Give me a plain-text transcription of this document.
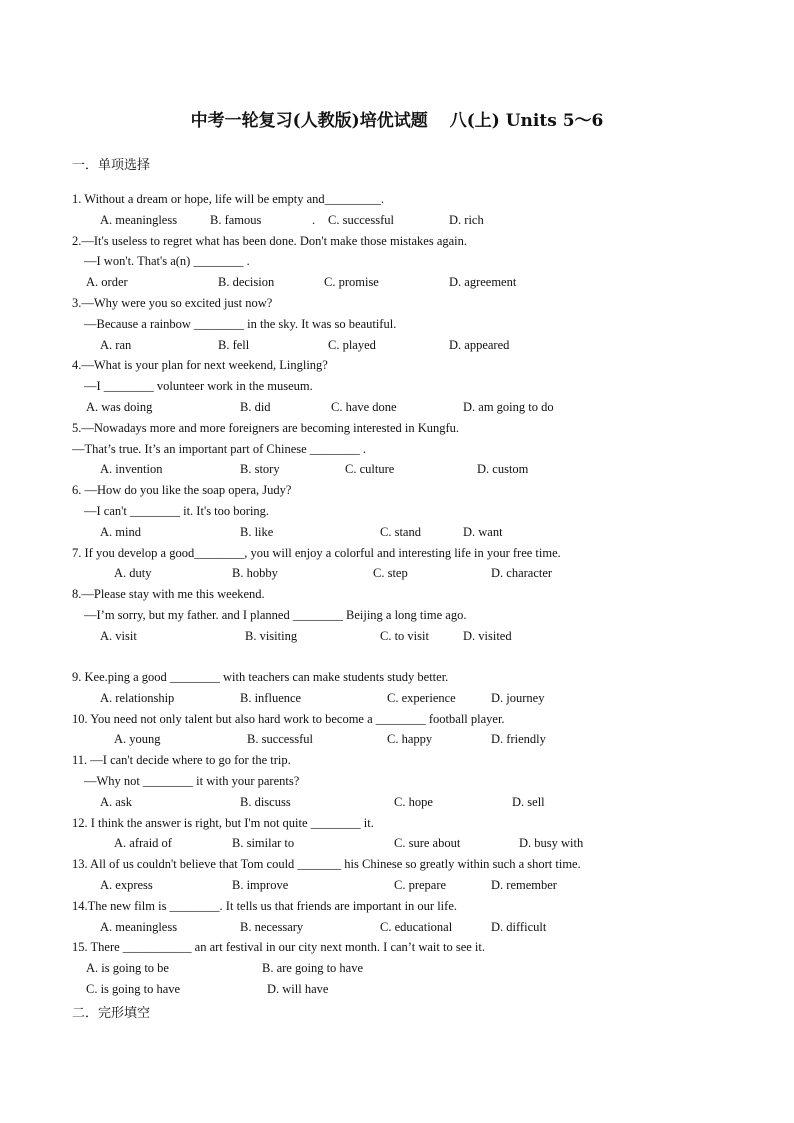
中考一轮复习(人教版)培优试题 八(上) Units 5～6
一．单项选择
1. Without a dream or hope, life will be empty and_________.
A. meaningless	B. famous	. C. successful	D. rich
2.—It's useless to regret what has been done. Don't make those mistakes again.
—I won't. That's a(n) ________ .
A. order	B. decision	C. promise	D. agreement
3.—Why were you so excited just now?
—Because a rainbow ________ in the sky. It was so beautiful.
A. ran	B. fell	C. played	D. appeared
4.—What is your plan for next weekend, Lingling?
—I ________ volunteer work in the museum.
A. was doing	B. did	C. have done	D. am going to do
5.—Nowadays more and more foreigners are becoming interested in Kungfu.
—That’s true. It’s an important part of Chinese ________ .
A. invention	B. story	C. culture	D. custom
6. —How do you like the soap opera, Judy?
—I can't ________ it. It's too boring.
A. mind	B. like	C. stand	D. want
7. If you develop a good________, you will enjoy a colorful and interesting life in your free time.
A. duty	B. hobby	C. step	D. character
8.—Please stay with me this weekend.
—I’m sorry, but my father. and I planned ________ Beijing a long time ago.
A. visit	B. visiting	C. to visit	D. visited
9. Kee.ping a good ________ with teachers can make students study better.
A. relationship	B. influence	C. experience	D. journey
10. You need not only talent but also hard work to become a ________ football player.
A. young	B. successful	C. happy	D. friendly
11. —I can't decide where to go for the trip.
—Why not ________ it with your parents?
A. ask	B. discuss	C. hope	D. sell
12. I think the answer is right, but I'm not quite ________ it.
A. afraid of	B. similar to	C. sure about	D. busy with
13. All of us couldn't believe that Tom could _______ his Chinese so greatly within such a short time.
A. express	B. improve	C. prepare	D. remember
14.The new film is ________. It tells us that friends are important in our life.
A. meaningless	B. necessary	C. educational	D. difficult
15. There ___________ an art festival in our city next month. I can’t wait to see it.
A. is going to be	B. are going to have
C. is going to have	D. will have
二．完形填空
